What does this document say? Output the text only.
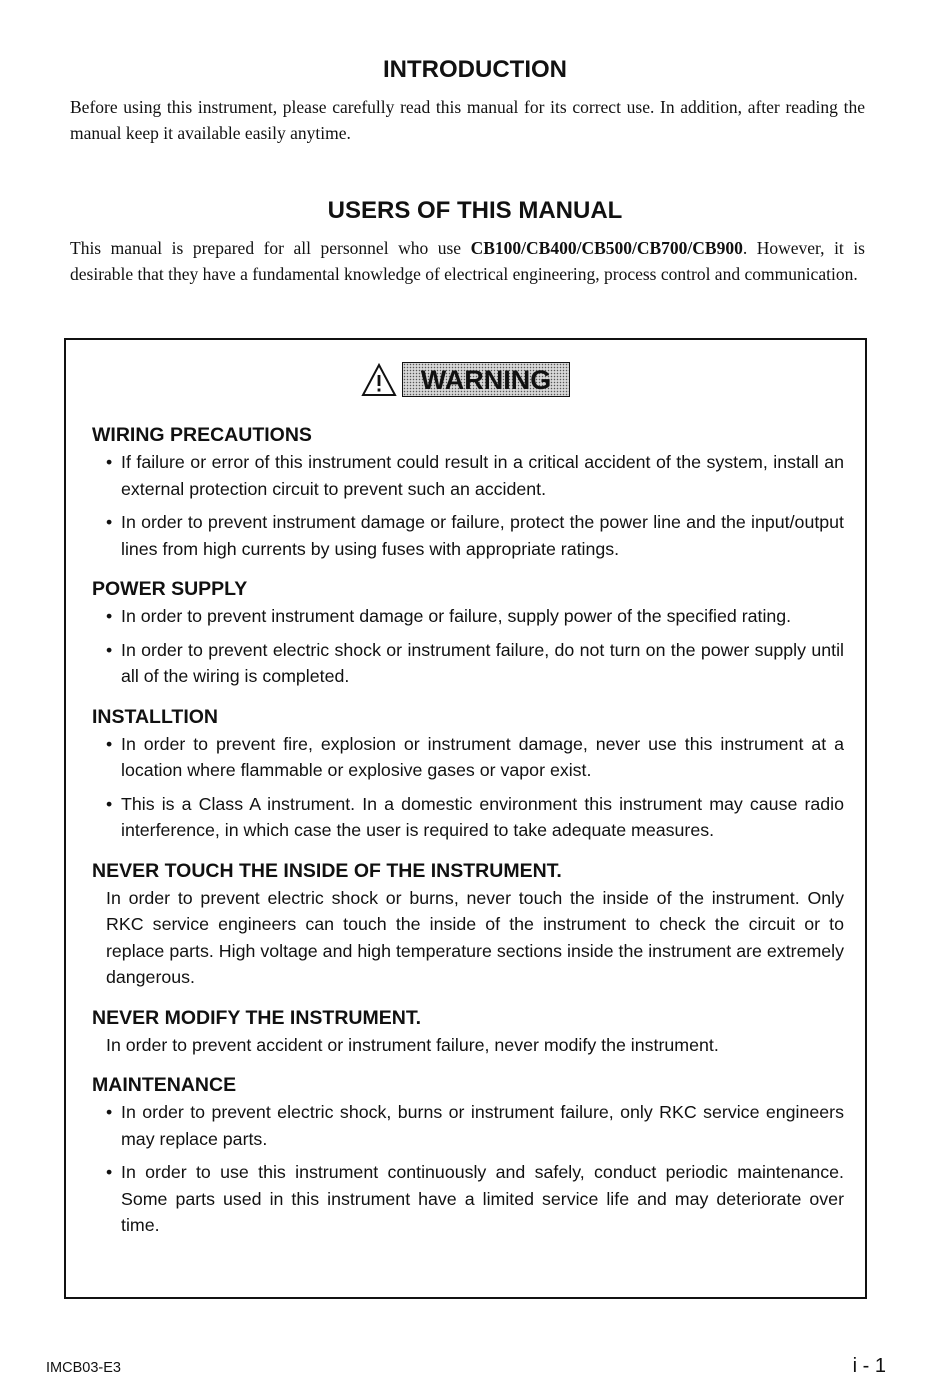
INTRODUCTION
Before using this instrument, please carefully read this manual for its correct use. In addition, after reading the manual keep it available easily anytime.
USERS OF THIS MANUAL
This manual is prepared for all personnel who use CB100/CB400/CB500/CB700/CB900. However, it is desirable that they have a fundamental knowledge of electrical engineering, process control and communication.
WARNING
WIRING PRECAUTIONS
• If failure or error of this instrument could result in a critical accident of the system, install an external protection circuit to prevent such an accident.
• In order to prevent instrument damage or failure, protect the power line and the input/output lines from high currents by using fuses with appropriate ratings.
POWER SUPPLY
• In order to prevent instrument damage or failure, supply power of the specified rating.
• In order to prevent electric shock or instrument failure, do not turn on the power supply until all of the wiring is completed.
INSTALLTION
• In order to prevent fire, explosion or instrument damage, never use this instrument at a location where flammable or explosive gases or vapor exist.
• This is a Class A instrument. In a domestic environment this instrument may cause radio interference, in which case the user is required to take adequate measures.
NEVER TOUCH THE INSIDE OF THE INSTRUMENT.
In order to prevent electric shock or burns, never touch the inside of the instrument. Only RKC service engineers can touch the inside of the instrument to check the circuit or to replace parts. High voltage and high temperature sections inside the instrument are extremely dangerous.
NEVER MODIFY THE INSTRUMENT.
In order to prevent accident or instrument failure, never modify the instrument.
MAINTENANCE
• In order to prevent electric shock, burns or instrument failure, only RKC service engineers may replace parts.
• In order to use this instrument continuously and safely, conduct periodic maintenance. Some parts used in this instrument have a limited service life and may deteriorate over time.
IMCB03-E3	i - 1
